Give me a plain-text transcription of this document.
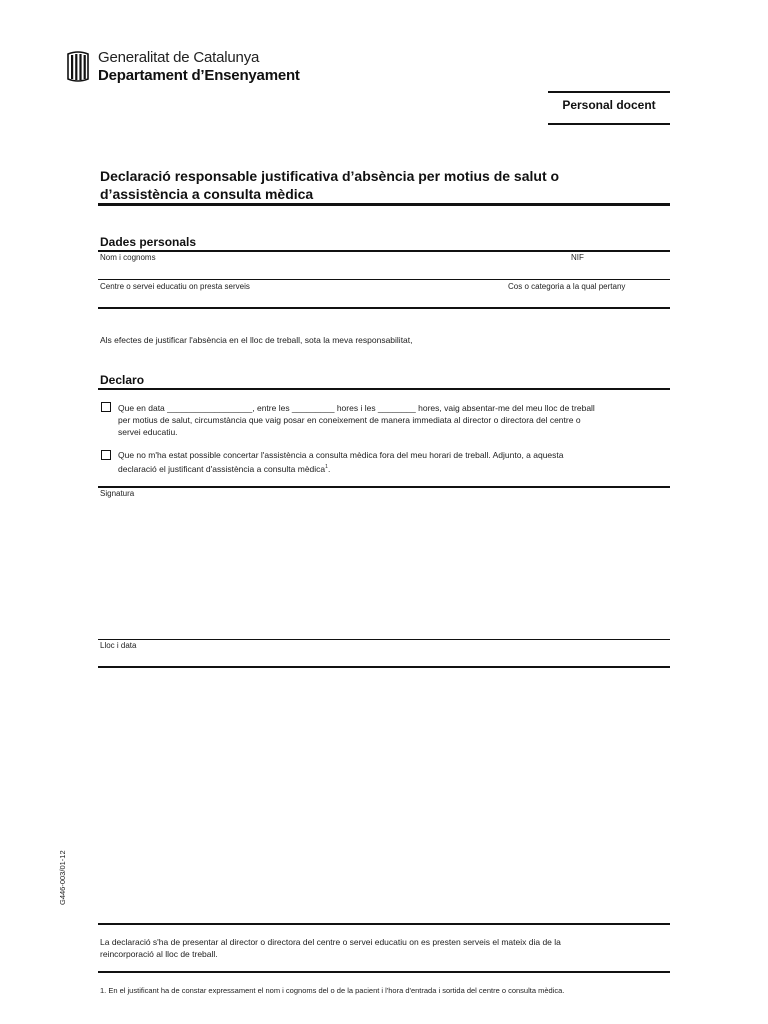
Generalitat de Catalunya
Departament d’Ensenyament
Personal docent
Declaració responsable justificativa d’absència per motius de salut o
d’assistència a consulta mèdica
Dades personals
Nom i cognoms	NIF
Centre o servei educatiu on presta serveis	Cos o categoria a la qual pertany
Als efectes de justificar l'absència en el lloc de treball, sota la meva responsabilitat,
Declaro
Que en data __________________, entre les _________ hores i les ________ hores, vaig absentar-me del meu lloc de treball
per motius de salut, circumstància que vaig posar en coneixement de manera immediata al director o directora del centre o
servei educatiu.
Que no m'ha estat possible concertar l'assistència a consulta mèdica fora del meu horari de treball. Adjunto, a aquesta
declaració el justificant d'assistència a consulta mèdica$^1$.
Signatura
Lloc i data
G446-003/01-12
La declaració s'ha de presentar al director o directora del centre o servei educatiu on es presten serveis el mateix dia de la
reincorporació al lloc de treball.
1. En el justificant ha de constar expressament el nom i cognoms del o de la pacient i l'hora d'entrada i sortida del centre o consulta mèdica.
